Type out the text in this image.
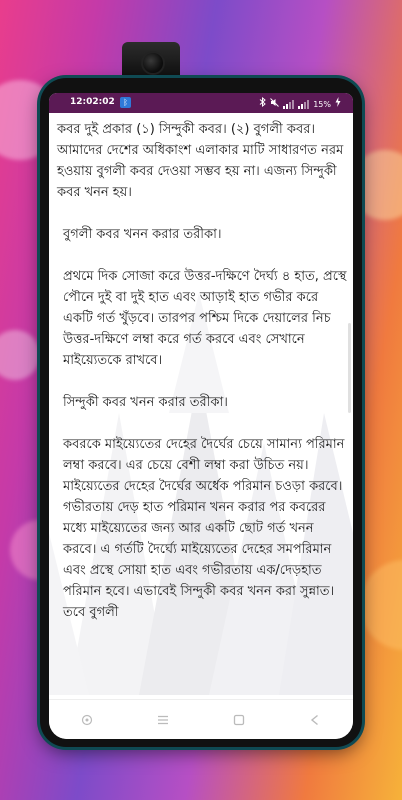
12:02:02	ᛒ	15%

কবর দুই প্রকার (১) সিন্দুকী কবর। (২) বুগলী কবর। আমাদের দেশের অধিকাংশ এলাকার মাটি সাধারণত নরম হওয়ায় বুগলী কবর দেওয়া সম্ভব হয় না। এজন্য সিন্দুকী কবর খনন হয়।

বুগলী কবর খনন করার তরীকা।

প্রথমে দিক সোজা করে উত্তর-দক্ষিণে দৈর্ঘ্য ৪ হাত, প্রস্থে পৌনে দুই বা দুই হাত এবং আড়াই হাত গভীর করে একটি গর্ত খুঁড়বে। তারপর পশ্চিম দিকে দেয়ালের নিচ উত্তর-দক্ষিণে লম্বা করে গর্ত করবে এবং সেখানে মাইয়্যেতকে রাখবে।

সিন্দুকী কবর খনন করার তরীকা।

কবরকে মাইয়্যেতের দেহের দৈর্ঘের চেয়ে সামান্য পরিমান লম্বা করবে। এর চেয়ে বেশী লম্বা করা উচিত নয়। মাইয়্যেতের দেহের দৈর্ঘের অর্ধেক পরিমান চওড়া করবে। গভীরতায় দেড় হাত পরিমান খনন করার পর কবরের মধ্যে মাইয়্যেতের জন্য আর একটি ছোট গর্ত খনন করবে। এ গর্তটি দৈর্ঘ্যে মাইয়্যেতের দেহের সমপরিমান এবং প্রস্থে সোয়া হাত এবং গভীরতায় এক/দেড়হাত পরিমান হবে। এভাবেই সিন্দুকী কবর খনন করা সুন্নাত। তবে বুগলী
